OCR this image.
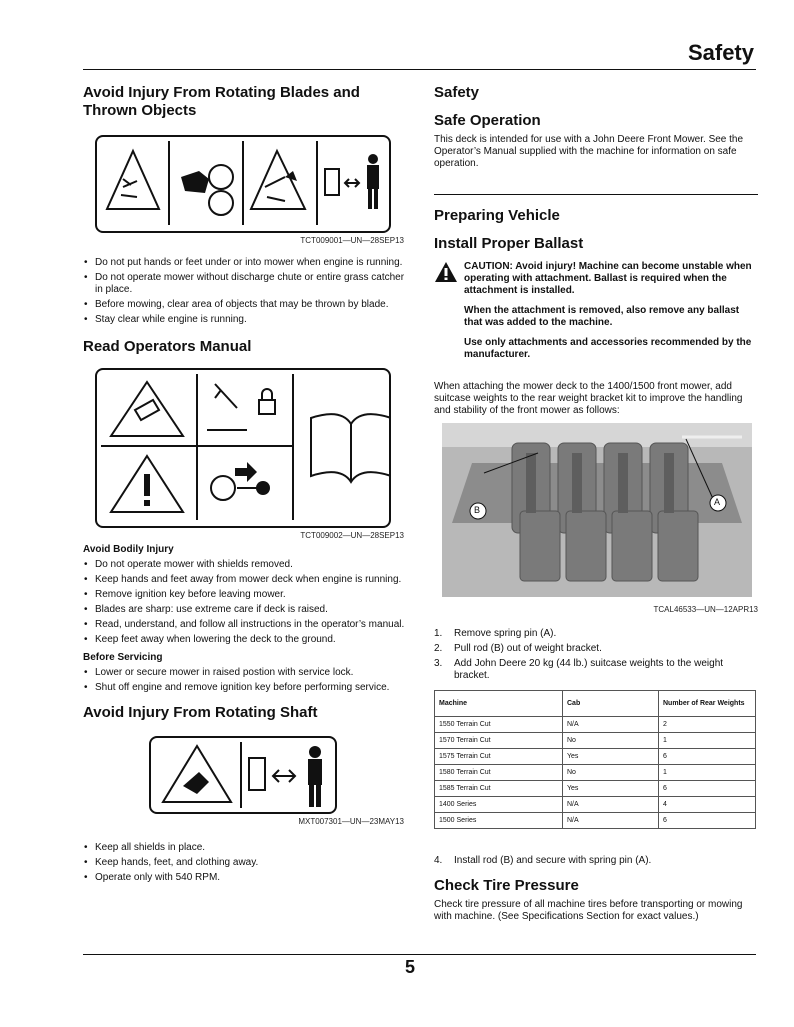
Safety
Avoid Injury From Rotating Blades and Thrown Objects
TCT009001—UN—28SEP13
• Do not put hands or feet under or into mower when engine is running.
• Do not operate mower without discharge chute or entire grass catcher in place.
• Before mowing, clear area of objects that may be thrown by blade.
• Stay clear while engine is running.
Read Operators Manual
TCT009002—UN—28SEP13
Avoid Bodily Injury
• Do not operate mower with shields removed.
• Keep hands and feet away from mower deck when engine is running.
• Remove ignition key before leaving mower.
• Blades are sharp: use extreme care if deck is raised.
• Read, understand, and follow all instructions in the operator’s manual.
• Keep feet away when lowering the deck to the ground.
Before Servicing
• Lower or secure mower in raised postion with service lock.
• Shut off engine and remove ignition key before performing service.
Avoid Injury From Rotating Shaft
MXT007301—UN—23MAY13
• Keep all shields in place.
• Keep hands, feet, and clothing away.
• Operate only with 540 RPM.
Safety
Safe Operation

This deck is intended for use with a John Deere Front Mower. See the Operator’s Manual supplied with the machine for information on safe operation.

Preparing Vehicle
Install Proper Ballast

CAUTION: Avoid injury! Machine can become unstable when operating with attachment. Ballast is required when the attachment is installed.

When the attachment is removed, also remove any ballast that was added to the machine.

Use only attachments and accessories recommended by the manufacturer.

When attaching the mower deck to the 1400/1500 front mower, add suitcase weights to the rear weight bracket kit to improve the handling and stability of the front mower as follows:

B
A
TCAL46533—UN—12APR13
1. Remove spring pin (A).
2. Pull rod (B) out of weight bracket.
3. Add John Deere 20 kg (44 lb.) suitcase weights to the weight bracket.
Machine	Cab	Number of Rear Weights
1550 Terrain Cut	N/A	2
1570 Terrain Cut	No	1
1575 Terrain Cut	Yes	6
1580 Terrain Cut	No	1
1585 Terrain Cut	Yes	6
1400 Series	N/A	4
1500 Series	N/A	6
4. Install rod (B) and secure with spring pin (A).
Check Tire Pressure

Check tire pressure of all machine tires before transporting or mowing with machine. (See Specifications Section for exact values.)

5
